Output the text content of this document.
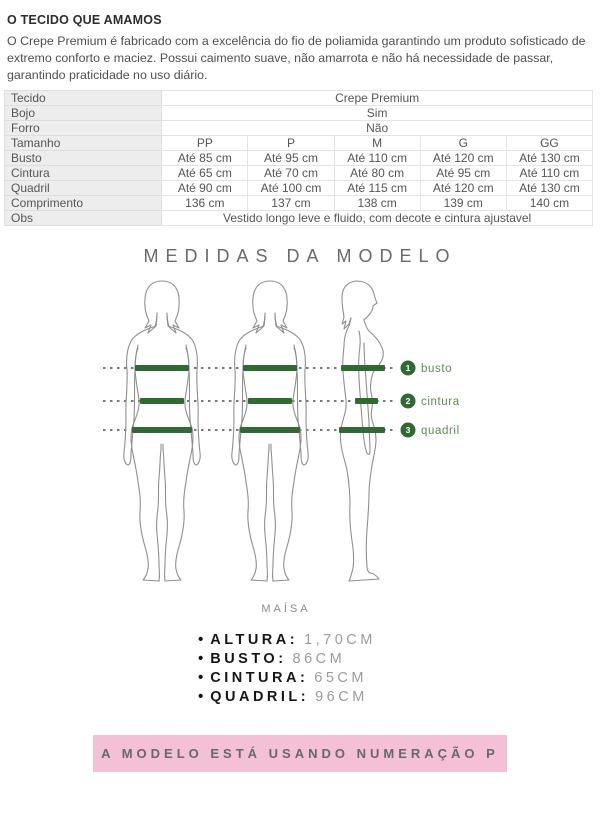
O TECIDO QUE AMAMOS

O Crepe Premium é fabricado com a excelência do fio de poliamida garantindo um produto sofisticado de extremo conforto e maciez. Possui caimento suave, não amarrota e não há necessidade de passar, garantindo praticidade no uso diário.

Tecido	Crepe Premium				
Bojo	Sim				
Forro	Não				
Tamanho	PP	P	M	G	GG
Busto	Até 85 cm	Até 95 cm	Até 110 cm	Até 120 cm	Até 130 cm
Cintura	Até 65 cm	Até 70 cm	Até 80 cm	Até 95 cm	Até 110 cm
Quadril	Até 90 cm	Até 100 cm	Até 115 cm	Até 120 cm	Até 130 cm
Comprimento	136 cm	137 cm	138 cm	139 cm	140 cm
Obs	Vestido longo leve e fluido, com decote e cintura ajustavel				
MEDIDAS DA MODELO
1 busto
2 cintura
3 quadril
MAÍSA
• ALTURA: 1,70CM
• BUSTO: 86CM
• CINTURA: 65CM
• QUADRIL: 96CM
A MODELO ESTÁ USANDO NUMERAÇÃO P
